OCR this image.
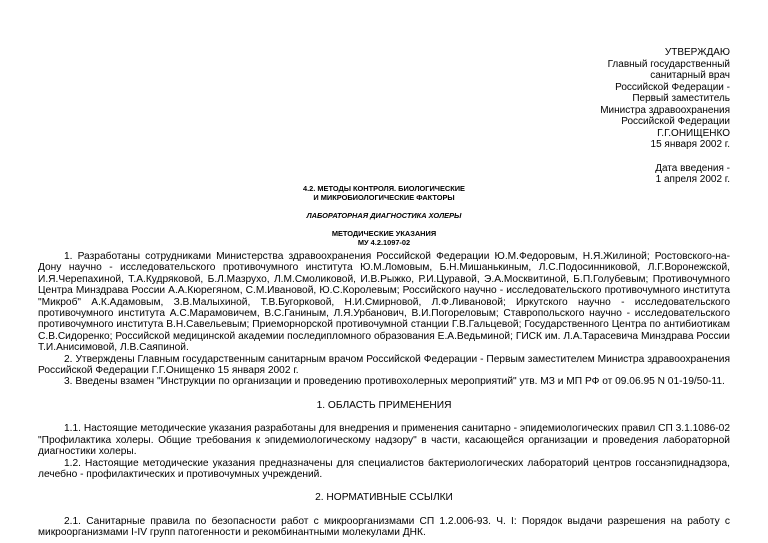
УТВЕРЖДАЮ
Главный государственный
санитарный врач
Российской Федерации -
Первый заместитель
Министра здравоохранения
Российской Федерации
Г.Г.ОНИЩЕНКО
15 января 2002 г.
Дата введения -
1 апреля 2002 г.
4.2. МЕТОДЫ КОНТРОЛЯ. БИОЛОГИЧЕСКИЕ
И МИКРОБИОЛОГИЧЕСКИЕ ФАКТОРЫ
ЛАБОРАТОРНАЯ ДИАГНОСТИКА ХОЛЕРЫ
МЕТОДИЧЕСКИЕ УКАЗАНИЯ
МУ 4.2.1097-02

1. Разработаны сотрудниками Министерства здравоохранения Российской Федерации Ю.М.Федоровым, Н.Я.Жилиной; Ростовского-на-Дону научно - исследовательского противочумного института Ю.М.Ломовым, Б.Н.Мишанькиным, Л.С.Подосинниковой, Л.Г.Воронежской, И.Я.Черепахиной, Т.А.Кудряковой, Б.Л.Мазрухо, Л.М.Смоликовой, И.В.Рыжко, Р.И.Цуравой, Э.А.Москвитиной, Б.П.Голубевым; Противочумного Центра Минздрава России А.А.Кюрегяном, С.М.Ивановой, Ю.С.Королевым; Российского научно - исследовательского противочумного института "Микроб" А.К.Адамовым, З.В.Малыхиной, Т.В.Бугорковой, Н.И.Смирновой, Л.Ф.Ливановой; Иркутского научно - исследовательского противочумного института А.С.Марамовичем, В.С.Ганиным, Л.Я.Урбанович, В.И.Погореловым; Ставропольского научно - исследовательского противочумного института В.Н.Савельевым; Приеморнорской противочумной станции Г.В.Гальцевой; Государственного Центра по антибиотикам С.В.Сидоренко; Российской медицинской академии последипломного образования Е.А.Ведьминой; ГИСК им. Л.А.Тарасевича Минздрава России Т.И.Анисимовой, Л.В.Саяпиной.

2. Утверждены Главным государственным санитарным врачом Российской Федерации - Первым заместителем Министра здравоохранения Российской Федерации Г.Г.Онищенко 15 января 2002 г.

3. Введены взамен "Инструкции по организации и проведению противохолерных мероприятий" утв. МЗ и МП РФ от 09.06.95 N 01-19/50-11.

1. ОБЛАСТЬ ПРИМЕНЕНИЯ

1.1. Настоящие методические указания разработаны для внедрения и применения санитарно - эпидемиологических правил СП 3.1.1086-02 "Профилактика холеры. Общие требования к эпидемиологическому надзору" в части, касающейся организации и проведения лабораторной диагностики холеры.

1.2. Настоящие методические указания предназначены для специалистов бактериологических лабораторий центров госсанэпиднадзора, лечебно - профилактических и противочумных учреждений.

2. НОРМАТИВНЫЕ ССЫЛКИ

2.1. Санитарные правила по безопасности работ с микроорганизмами СП 1.2.006-93. Ч. I: Порядок выдачи разрешения на работу с микроорганизмами I-IV групп патогенности и рекомбинантными молекулами ДНК.
